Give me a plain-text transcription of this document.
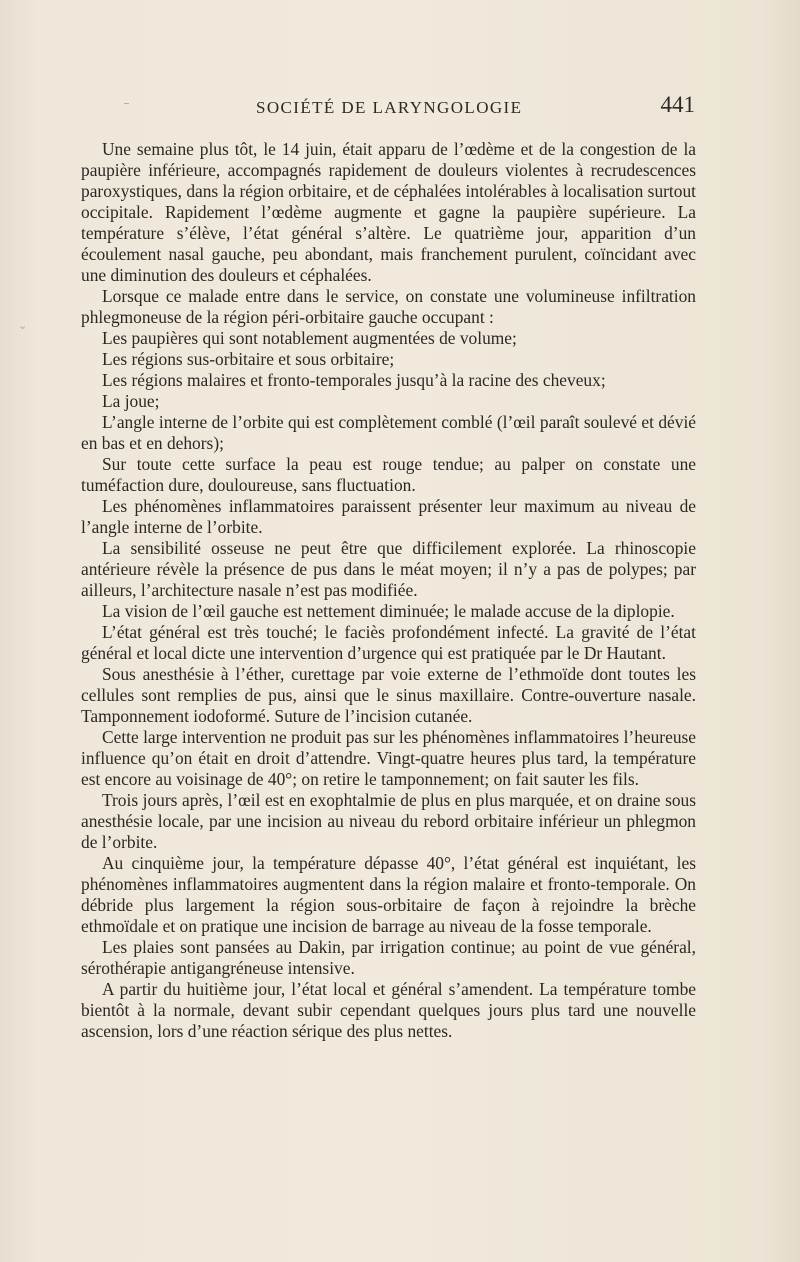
⌄
SOCIÉTÉ DE LARYNGOLOGIE	441

Une semaine plus tôt, le 14 juin, était apparu de l’œdème et de la congestion de la paupière inférieure, accompagnés rapidement de douleurs violentes à recrudescences paroxystiques, dans la région orbitaire, et de céphalées intolérables à localisation surtout occipitale. Rapidement l’œdème augmente et gagne la paupière supérieure. La température s’élève, l’état général s’altère. Le quatrième jour, apparition d’un écoulement nasal gauche, peu abondant, mais franchement purulent, coïncidant avec une diminution des douleurs et céphalées.

Lorsque ce malade entre dans le service, on constate une volumineuse infiltration phlegmoneuse de la région péri-orbitaire gauche occupant :

Les paupières qui sont notablement augmentées de volume;

Les régions sus-orbitaire et sous orbitaire;

Les régions malaires et fronto-temporales jusqu’à la racine des cheveux;

La joue;

L’angle interne de l’orbite qui est complètement comblé (l’œil paraît soulevé et dévié en bas et en dehors);

Sur toute cette surface la peau est rouge tendue; au palper on constate une tuméfaction dure, douloureuse, sans fluctuation.

Les phénomènes inflammatoires paraissent présenter leur maximum au niveau de l’angle interne de l’orbite.

La sensibilité osseuse ne peut être que difficilement explorée. La rhinoscopie antérieure révèle la présence de pus dans le méat moyen; il n’y a pas de polypes; par ailleurs, l’architecture nasale n’est pas modifiée.

La vision de l’œil gauche est nettement diminuée; le malade accuse de la diplopie.

L’état général est très touché; le faciès profondément infecté. La gravité de l’état général et local dicte une intervention d’urgence qui est pratiquée par le Dr Hautant.

Sous anesthésie à l’éther, curettage par voie externe de l’ethmoïde dont toutes les cellules sont remplies de pus, ainsi que le sinus maxillaire. Contre-ouverture nasale. Tamponnement iodoformé. Suture de l’incision cutanée.

Cette large intervention ne produit pas sur les phénomènes inflammatoires l’heureuse influence qu’on était en droit d’attendre. Vingt-quatre heures plus tard, la température est encore au voisinage de 40°; on retire le tamponnement; on fait sauter les fils.

Trois jours après, l’œil est en exophtalmie de plus en plus marquée, et on draine sous anesthésie locale, par une incision au niveau du rebord orbitaire inférieur un phlegmon de l’orbite.

Au cinquième jour, la température dépasse 40°, l’état général est inquiétant, les phénomènes inflammatoires augmentent dans la région malaire et fronto-temporale. On débride plus largement la région sous-orbitaire de façon à rejoindre la brèche ethmoïdale et on pratique une incision de barrage au niveau de la fosse temporale.

Les plaies sont pansées au Dakin, par irrigation continue; au point de vue général, sérothérapie antigangréneuse intensive.

A partir du huitième jour, l’état local et général s’amendent. La température tombe bientôt à la normale, devant subir cependant quelques jours plus tard une nouvelle ascension, lors d’une réaction sérique des plus nettes.
